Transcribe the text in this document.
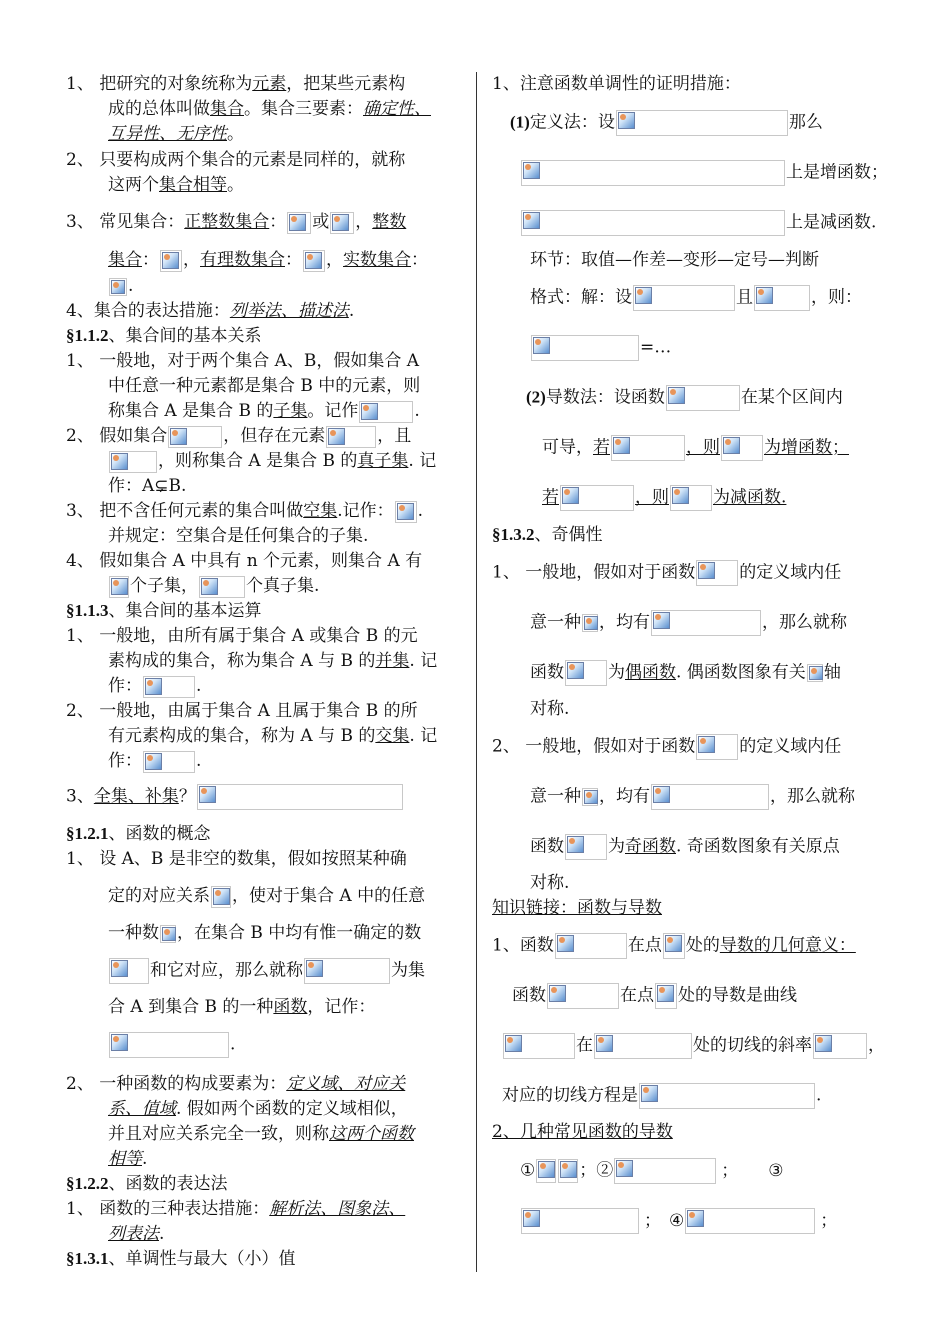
1、 把研究的对象统称为元素，把某些元素构
成的总体叫做集合。集合三要素：确定性、
互异性、无序性。
2、 只要构成两个集合的元素是同样的，就称
这两个集合相等。
3、 常见集合：正整数集合： 或 ，整数
集合： ，有理数集合： ，实数集合：
.
4、集合的表达措施：列举法、描述法.
§1.1.2、集合间的基本关系
1、 一般地，对于两个集合 A、B，假如集合 A
中任意一种元素都是集合 B 中的元素，则
称集合 A 是集合 B 的子集。记作	.
2、 假如集合	，但存在元素	，且
，则称集合 A 是集合 B 的真子集. 记
作：A⊊B.
3、 把不含任何元素的集合叫做空集.记作： .
并规定：空集合是任何集合的子集.
4、 假如集合 A 中具有 n 个元素，则集合 A 有
个子集，	个真子集.
§1.1.3、集合间的基本运算
1、 一般地，由所有属于集合 A 或集合 B 的元
素构成的集合，称为集合 A 与 B 的并集. 记
作：	.
2、 一般地，由属于集合 A 且属于集合 B 的所
有元素构成的集合，称为 A 与 B 的交集. 记
作：	.
3、全集、补集？
§1.2.1、函数的概念
1、 设 A、B 是非空的数集，假如按照某种确
定的对应关系 ，使对于集合 A 中的任意
一种数 ，在集合 B 中均有惟一确定的数
和它对应，那么就称	为集
合 A 到集合 B 的一种函数，记作：
.
2、 一种函数的构成要素为：定义域、对应关
系、值域. 假如两个函数的定义域相似，
并且对应关系完全一致，则称这两个函数
相等.
§1.2.2、函数的表达法
1、 函数的三种表达措施：解析法、图象法、
列表法.
§1.3.1、单调性与最大（小）值
1、注意函数单调性的证明措施：
(1)定义法：设	那么
上是增函数；
上是减函数.
环节：取值—作差—变形—定号—判断
格式：解：设	且	，则：
=…
(2)导数法：设函数	在某个区间内
可导，若	，则	为增函数；
若	，则	为减函数.
§1.3.2、奇偶性
1、 一般地，假如对于函数	的定义域内任
意一种 ，均有	，那么就称
函数	为偶函数. 偶函数图象有关 轴
对称.
2、 一般地，假如对于函数	的定义域内任
意一种 ，均有	，那么就称
函数	为奇函数. 奇函数图象有关原点
对称.
知识链接：函数与导数
1、函数	在点 处的导数的几何意义：
函数	在点 处的导数是曲线
在	处的切线的斜率	，
对应的切线方程是	.
2、几种常见函数的导数
①	；②	； ③
； ④	；
